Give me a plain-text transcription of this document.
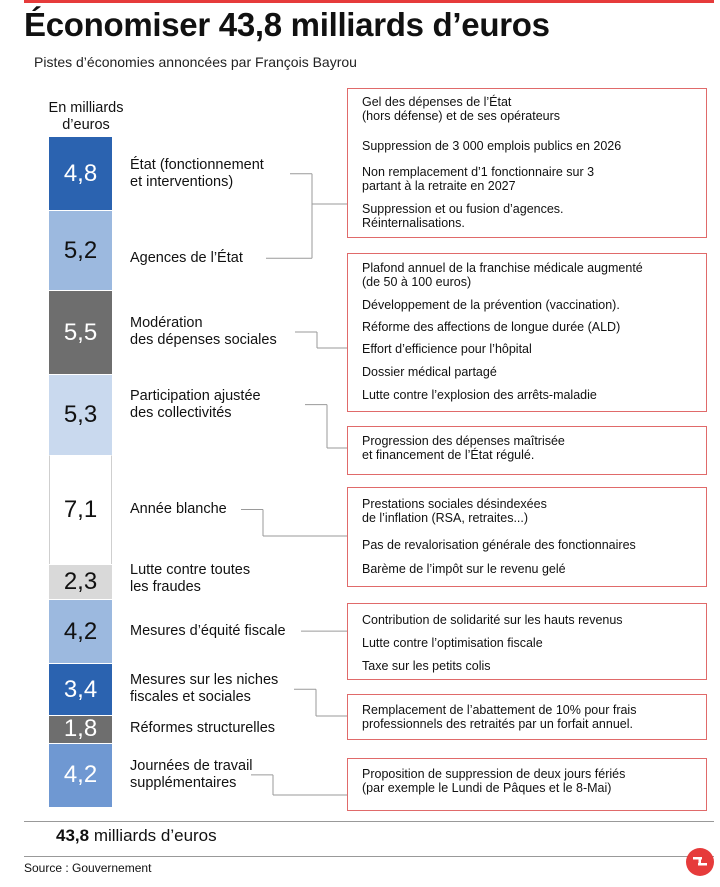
Économiser 43,8 milliards d’euros
Pistes d’économies annoncées par François Bayrou
En milliards
d’euros
4,8 État (fonctionnement
et interventions)
5,2 Agences de l’État
5,5 Modération
des dépenses sociales
5,3
Participation ajustée
des collectivités
7,1 Année blanche
2,3 Lutte contre toutes
les fraudes
4,2 Mesures d’équité fiscale
3,4 Mesures sur les niches
fiscales et sociales
1,8 Réformes structurelles
4,2 Journées de travail
supplémentaires
Gel des dépenses de l’État
(hors défense) et de ses opérateurs
Suppression de 3 000 emplois publics en 2026
Non remplacement d’1 fonctionnaire sur 3
partant à la retraite en 2027
Suppression et ou fusion d’agences.
Réinternalisations.
Plafond annuel de la franchise médicale augmenté
(de 50 à 100 euros)
Développement de la prévention (vaccination).
Réforme des affections de longue durée (ALD)
Effort d’efficience pour l’hôpital
Dossier médical partagé
Lutte contre l’explosion des arrêts-maladie
Progression des dépenses maîtrisée
et financement de l’État régulé.
Prestations sociales désindexées
de l’inflation (RSA, retraites...)
Pas de revalorisation générale des fonctionnaires
Barème de l’impôt sur le revenu gelé
Contribution de solidarité sur les hauts revenus
Lutte contre l’optimisation fiscale
Taxe sur les petits colis
Remplacement de l’abattement de 10% pour frais
professionnels des retraités par un forfait annuel.
Proposition de suppression de deux jours fériés
(par exemple le Lundi de Pâques et le 8-Mai)
43,8 milliards d’euros
Source : Gouvernement
